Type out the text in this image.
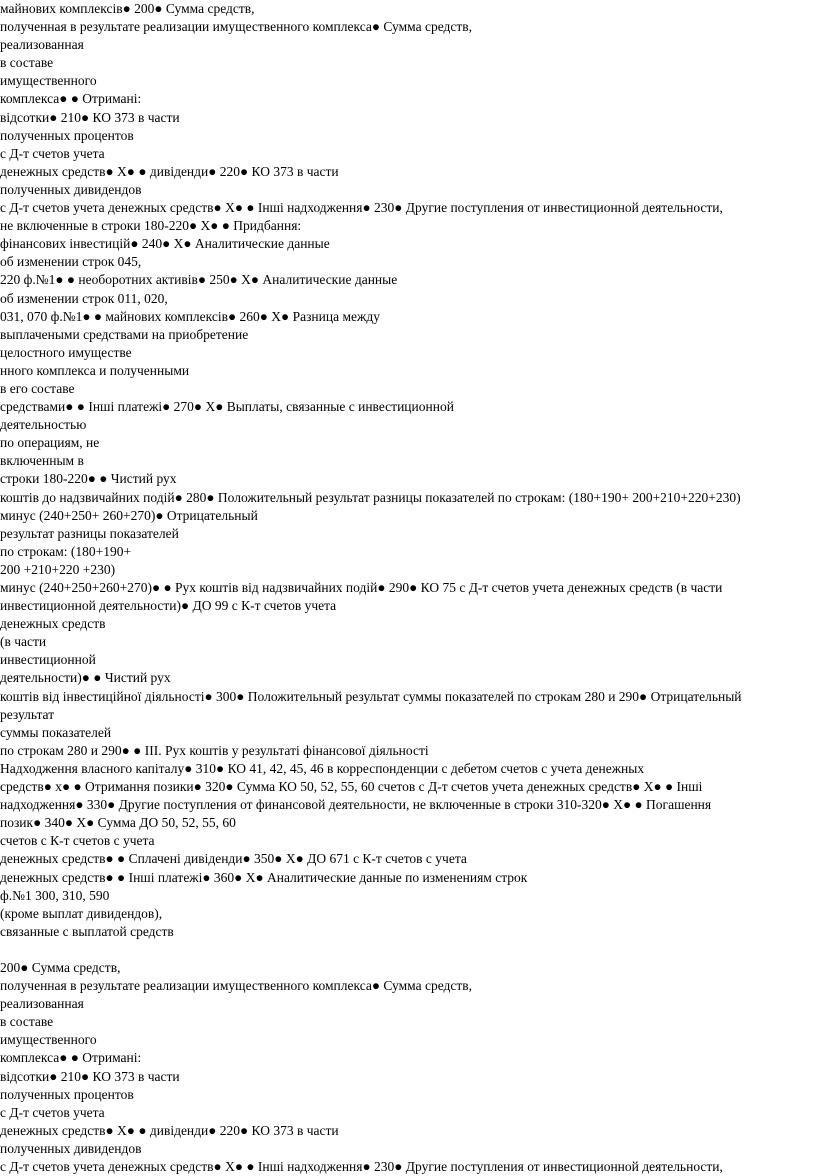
майнових комплексів● 200● Сумма средств,
полученная в результате реализации имущественного комплекса● Сумма средств,
реализованная
в составе
имущественного
комплекса● ● Отримані:
відсотки● 210● КО 373 в части
полученных процентов
с Д-т счетов учета
денежных средств● Х● ● дивіденди● 220● КО 373 в части
полученных дивидендов
с Д-т счетов учета денежных средств● Х● ● Інші надходження● 230● Другие поступления от инвестиционной деятельности,
не включенные в строки 180-220● Х● ● Придбання:
фінансових інвестицій● 240● Х● Аналитические данные
об изменении строк 045,
220 ф.№1● ● необоротних активів● 250● Х● Аналитические данные
об изменении строк 011, 020,
031, 070 ф.№1● ● майнових комплексів● 260● Х● Разница между
выплачеными средствами на приобретение
целостного имуществе
нного комплекса и полученными
в его составе
средствами● ● Інші платежі● 270● Х● Выплаты, связанные с инвестиционной
деятельностью
по операциям, не
включенным в
строки 180-220● ● Чистий рух
коштів до надзвичайних подій● 280● Положительный результат разницы показателей по строкам: (180+190+ 200+210+220+230)
минус (240+250+ 260+270)● Отрицательный
результат разницы показателей
по строкам: (180+190+
200 +210+220 +230)
минус (240+250+260+270)● ● Рух коштів від надзвичайних подій● 290● КО 75 с Д-т счетов учета денежных средств (в части
инвестиционной деятельности)● ДО 99 с К-т счетов учета
денежных средств
(в части
инвестиционной
деятельности)● ● Чистий рух
коштів від інвестиційної діяльності● 300● Положительный результат суммы показателей по строкам 280 и 290● Отрицательный
результат
суммы показателей
по строкам 280 и 290● ● III. Рух коштів у результаті фінансової діяльності
Надходження власного капіталу● 310● КО 41, 42, 45, 46 в корреспонденции с дебетом счетов с учета денежных
средств● х● ● Отримання позики● 320● Сумма КО 50, 52, 55, 60 счетов с Д-т счетов учета денежных средств● Х● ● Інші
надходження● 330● Другие поступления от финансовой деятельности, не включенные в строки 310-320● Х● ● Погашення
позик● 340● Х● Сумма ДО 50, 52, 55, 60
счетов с К-т счетов с учета
денежных средств● ● Сплачені дивіденди● 350● Х● ДО 671 с К-т счетов с учета
денежных средств● ● Інші платежі● 360● Х● Аналитические данные по изменениям строк
ф.№1 300, 310, 590
(кроме выплат дивидендов),
связанные с выплатой средств
200● Сумма средств,
полученная в результате реализации имущественного комплекса● Сумма средств,
реализованная
в составе
имущественного
комплекса● ● Отримані:
відсотки● 210● КО 373 в части
полученных процентов
с Д-т счетов учета
денежных средств● Х● ● дивіденди● 220● КО 373 в части
полученных дивидендов
с Д-т счетов учета денежных средств● Х● ● Інші надходження● 230● Другие поступления от инвестиционной деятельности,
